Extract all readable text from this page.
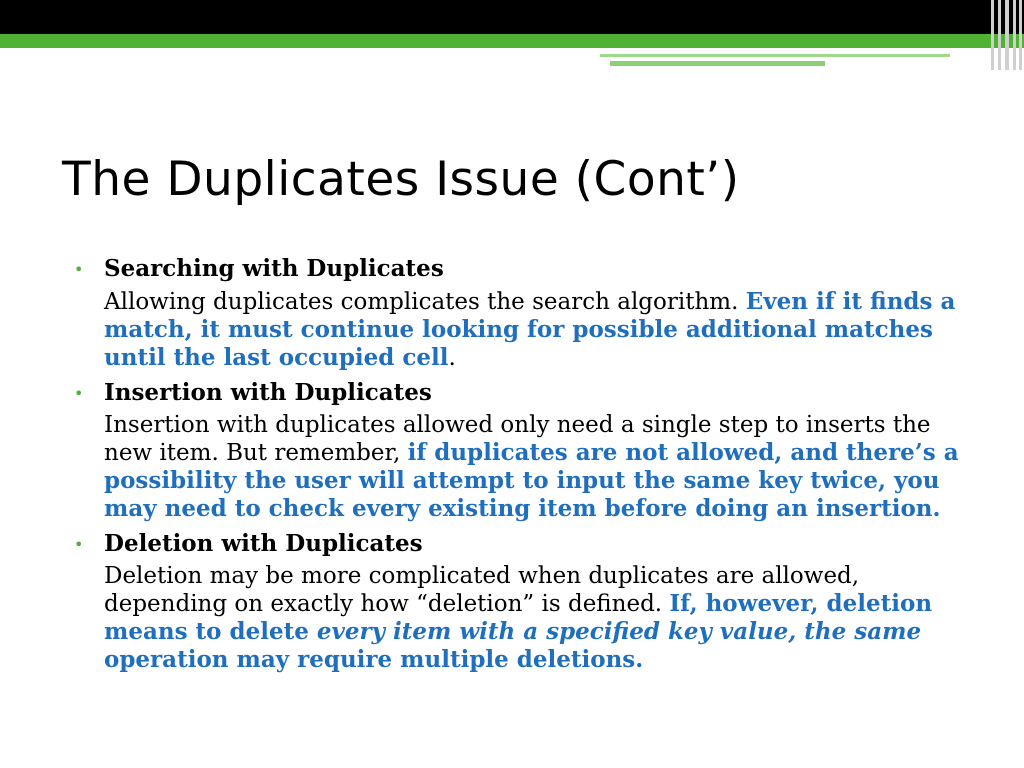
The Duplicates Issue (Cont’)
• Searching with Duplicates
Allowing duplicates complicates the search algorithm. Even if it finds a match, it must continue looking for possible additional matches until the last occupied cell.
• Insertion with Duplicates
Insertion with duplicates allowed only need a single step to inserts the new item. But remember, if duplicates are not allowed, and there’s a possibility the user will attempt to input the same key twice, you may need to check every existing item before doing an insertion.
• Deletion with Duplicates
Deletion may be more complicated when duplicates are allowed, depending on exactly how “deletion” is defined. If, however, deletion means to delete every item with a specified key value, the same operation may require multiple deletions.
